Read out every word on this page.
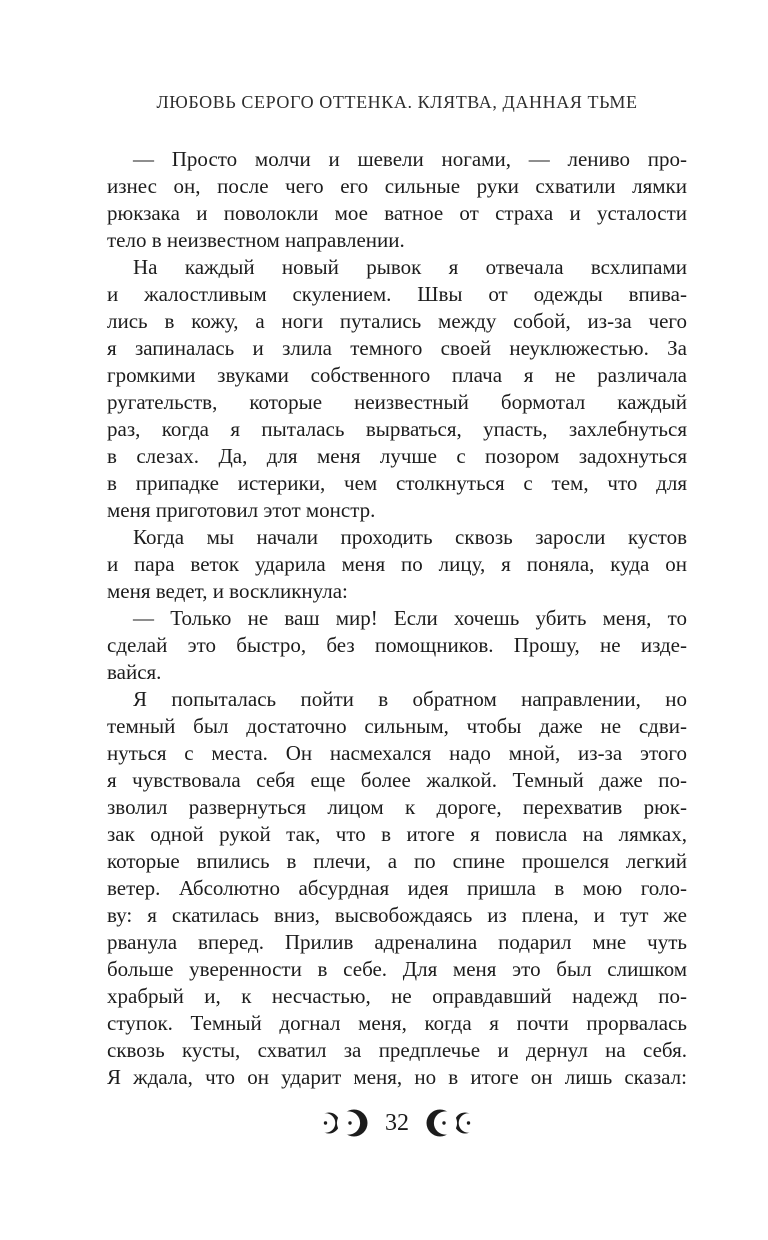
ЛЮБОВЬ СЕРОГО ОТТЕНКА. КЛЯТВА, ДАННАЯ ТЬМЕ
— Просто молчи и шевели ногами, — лениво про-
изнес он, после чего его сильные руки схватили лямки
рюкзака и поволокли мое ватное от страха и усталости
тело в неизвестном направлении.
На каждый новый рывок я отвечала всхлипами
и жалостливым скулением. Швы от одежды впива-
лись в кожу, а ноги путались между собой, из-за чего
я запиналась и злила темного своей неуклюжестью. За
громкими звуками собственного плача я не различала
ругательств, которые неизвестный бормотал каждый
раз, когда я пыталась вырваться, упасть, захлебнуться
в слезах. Да, для меня лучше с позором задохнуться
в припадке истерики, чем столкнуться с тем, что для
меня приготовил этот монстр.
Когда мы начали проходить сквозь заросли кустов
и пара веток ударила меня по лицу, я поняла, куда он
меня ведет, и воскликнула:
— Только не ваш мир! Если хочешь убить меня, то
сделай это быстро, без помощников. Прошу, не изде-
вайся.
Я попыталась пойти в обратном направлении, но
темный был достаточно сильным, чтобы даже не сдви-
нуться с места. Он насмехался надо мной, из-за этого
я чувствовала себя еще более жалкой. Темный даже по-
зволил развернуться лицом к дороге, перехватив рюк-
зак одной рукой так, что в итоге я повисла на лямках,
которые впились в плечи, а по спине прошелся легкий
ветер. Абсолютно абсурдная идея пришла в мою голо-
ву: я скатилась вниз, высвобождаясь из плена, и тут же
рванула вперед. Прилив адреналина подарил мне чуть
больше уверенности в себе. Для меня это был слишком
храбрый и, к несчастью, не оправдавший надежд по-
ступок. Темный догнал меня, когда я почти прорвалась
сквозь кусты, схватил за предплечье и дернул на себя.
Я ждала, что он ударит меня, но в итоге он лишь сказал:
32
